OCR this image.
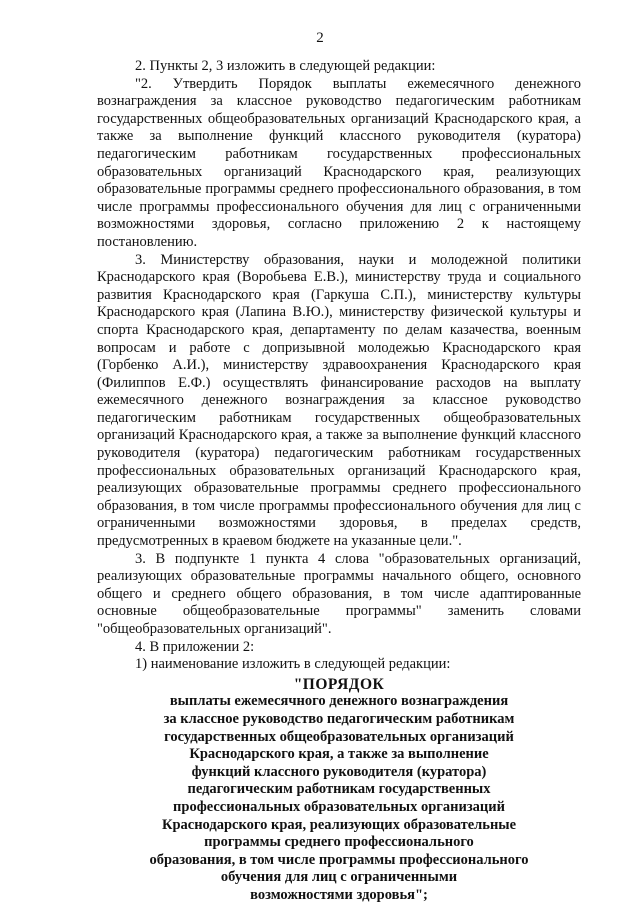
2

2. Пункты 2, 3 изложить в следующей редакции:

"2. Утвердить Порядок выплаты ежемесячного денежного вознаграждения за классное руководство педагогическим работникам государственных общеобразовательных организаций Краснодарского края, а также за выполнение функций классного руководителя (куратора) педагогическим работникам государственных профессиональных образовательных организаций Краснодарского края, реализующих образовательные программы среднего профессионального образования, в том числе программы профессионального обучения для лиц с ограниченными возможностями здоровья, согласно приложению 2 к настоящему постановлению.

3. Министерству образования, науки и молодежной политики Краснодарского края (Воробьева Е.В.), министерству труда и социального развития Краснодарского края (Гаркуша С.П.), министерству культуры Краснодарского края (Лапина В.Ю.), министерству физической культуры и спорта Краснодарского края, департаменту по делам казачества, военным вопросам и работе с допризывной молодежью Краснодарского края (Горбенко А.И.), министерству здравоохранения Краснодарского края (Филиппов Е.Ф.) осуществлять финансирование расходов на выплату ежемесячного денежного вознаграждения за классное руководство педагогическим работникам государственных общеобразовательных организаций Краснодарского края, а также за выполнение функций классного руководителя (куратора) педагогическим работникам государственных профессиональных образовательных организаций Краснодарского края, реализующих образовательные программы среднего профессионального образования, в том числе программы профессионального обучения для лиц с ограниченными возможностями здоровья, в пределах средств, предусмотренных в краевом бюджете на указанные цели.".

3. В подпункте 1 пункта 4 слова "образовательных организаций, реализующих образовательные программы начального общего, основного общего и среднего общего образования, в том числе адаптированные основные общеобразовательные программы" заменить словами "общеобразовательных организаций".

4. В приложении 2:

1) наименование изложить в следующей редакции:

"ПОРЯДОК
выплаты ежемесячного денежного вознаграждения
за классное руководство педагогическим работникам
государственных общеобразовательных организаций
Краснодарского края, а также за выполнение
функций классного руководителя (куратора)
педагогическим работникам государственных
профессиональных образовательных организаций
Краснодарского края, реализующих образовательные
программы среднего профессионального
образования, в том числе программы профессионального
обучения для лиц с ограниченными
возможностями здоровья";
